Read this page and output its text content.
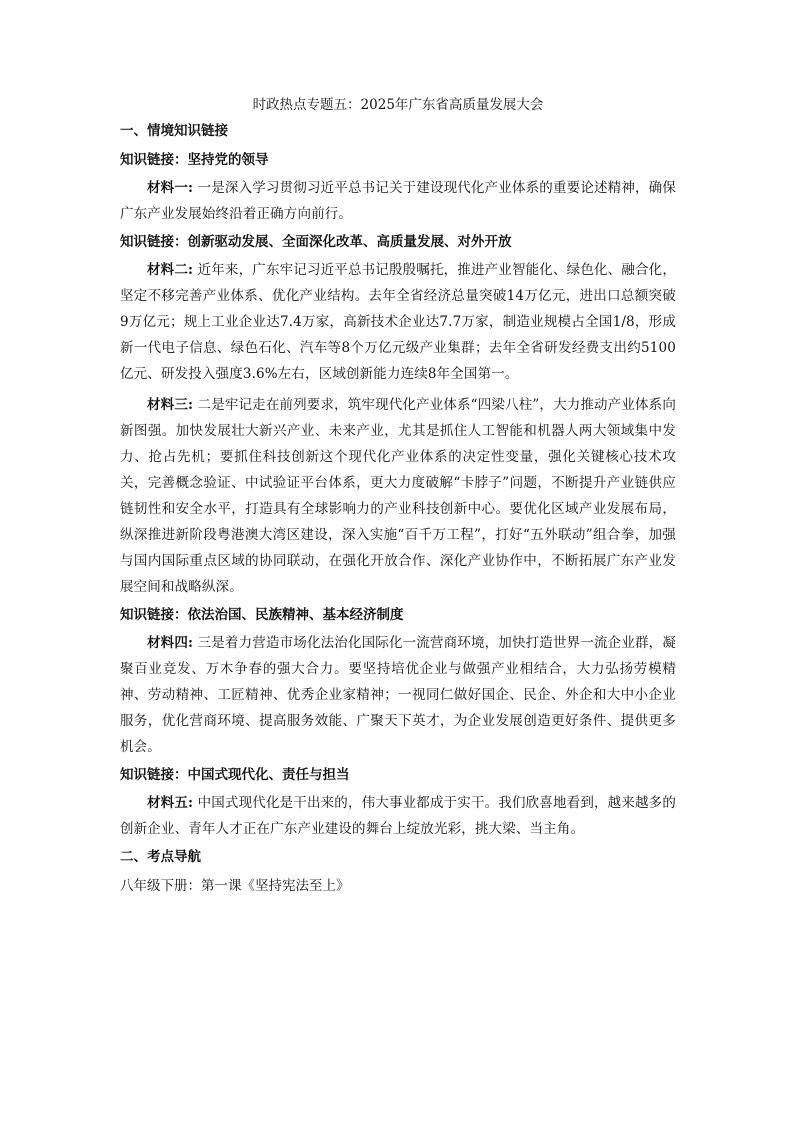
时政热点专题五：2025年广东省高质量发展大会
一、情境知识链接
知识链接：坚持党的领导

材料一: 一是深入学习贯彻习近平总书记关于建设现代化产业体系的重要论述精神，确保广东产业发展始终沿着正确方向前行。

知识链接：创新驱动发展、全面深化改革、高质量发展、对外开放

材料二: 近年来，广东牢记习近平总书记殷殷嘱托，推进产业智能化、绿色化、融合化，坚定不移完善产业体系、优化产业结构。去年全省经济总量突破14万亿元，进出口总额突破9万亿元；规上工业企业达7.4万家，高新技术企业达7.7万家，制造业规模占全国1/8，形成新一代电子信息、绿色石化、汽车等8个万亿元级产业集群；去年全省研发经费支出约5100亿元、研发投入强度3.6%左右，区域创新能力连续8年全国第一。

材料三: 二是牢记走在前列要求，筑牢现代化产业体系“四梁八柱”，大力推动产业体系向新图强。加快发展壮大新兴产业、未来产业，尤其是抓住人工智能和机器人两大领域集中发力、抢占先机；要抓住科技创新这个现代化产业体系的决定性变量，强化关键核心技术攻关，完善概念验证、中试验证平台体系，更大力度破解“卡脖子”问题，不断提升产业链供应链韧性和安全水平，打造具有全球影响力的产业科技创新中心。要优化区域产业发展布局，纵深推进新阶段粤港澳大湾区建设，深入实施“百千万工程”，打好“五外联动”组合拳，加强与国内国际重点区域的协同联动，在强化开放合作、深化产业协作中，不断拓展广东产业发展空间和战略纵深。

知识链接：依法治国、民族精神、基本经济制度

材料四: 三是着力营造市场化法治化国际化一流营商环境，加快打造世界一流企业群，凝聚百业竞发、万木争春的强大合力。要坚持培优企业与做强产业相结合，大力弘扬劳模精神、劳动精神、工匠精神、优秀企业家精神；一视同仁做好国企、民企、外企和大中小企业服务，优化营商环境、提高服务效能、广聚天下英才，为企业发展创造更好条件、提供更多机会。

知识链接：中国式现代化、责任与担当

材料五: 中国式现代化是干出来的，伟大事业都成于实干。我们欣喜地看到，越来越多的创新企业、青年人才正在广东产业建设的舞台上绽放光彩，挑大梁、当主角。

二、考点导航
八年级下册：第一课《坚持宪法至上》
